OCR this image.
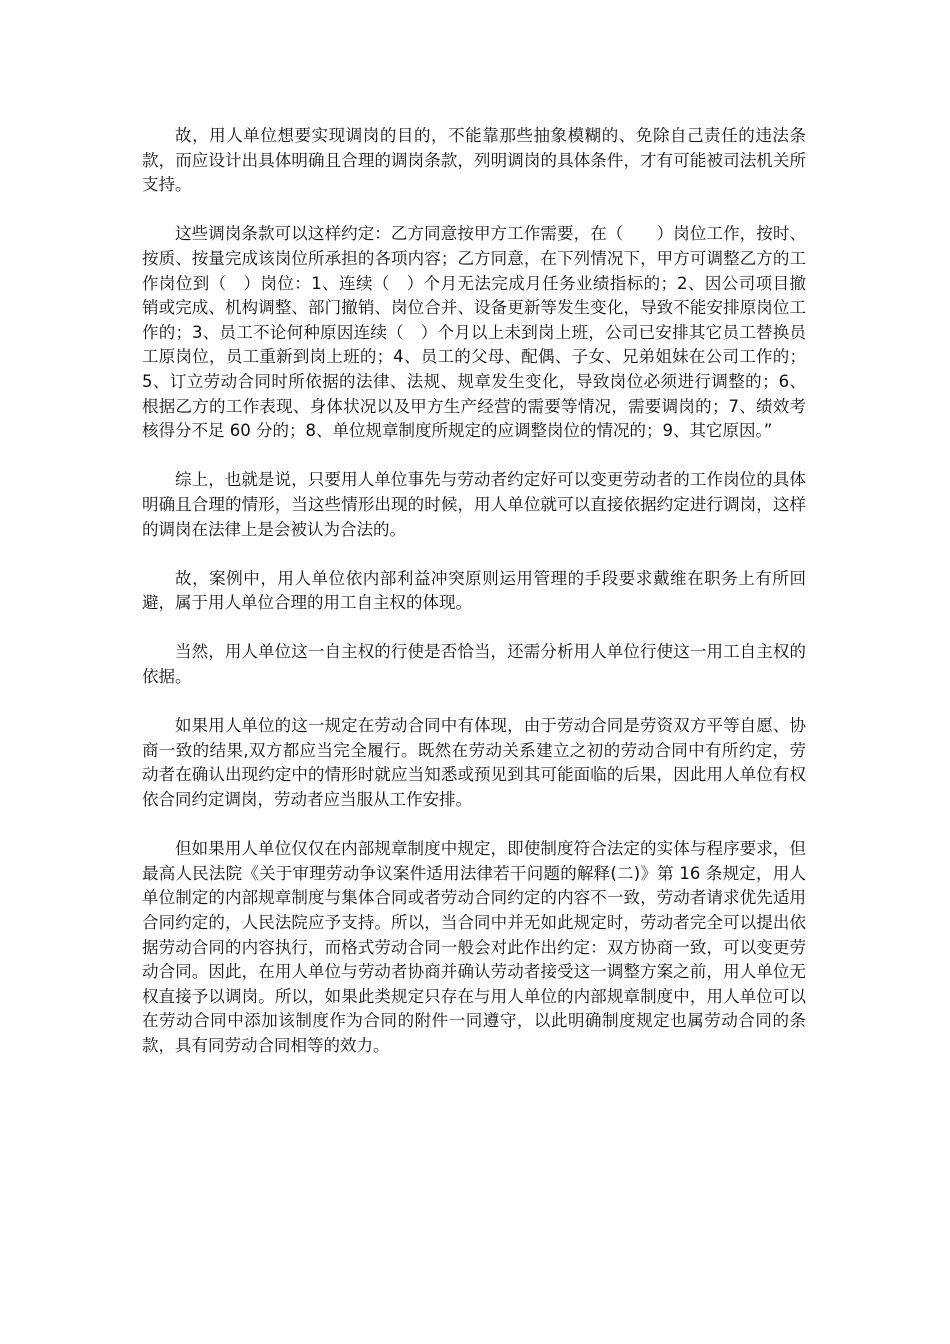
故，用人单位想要实现调岗的目的，不能靠那些抽象模糊的、免除自己责任的违法条款，而应设计出具体明确且合理的调岗条款，列明调岗的具体条件，才有可能被司法机关所支持。

这些调岗条款可以这样约定：乙方同意按甲方工作需要，在（　　）岗位工作，按时、按质、按量完成该岗位所承担的各项内容；乙方同意，在下列情况下，甲方可调整乙方的工作岗位到（　）岗位：1、连续（　）个月无法完成月任务业绩指标的；2、因公司项目撤销或完成、机构调整、部门撤销、岗位合并、设备更新等发生变化，导致不能安排原岗位工作的；3、员工不论何种原因连续（　）个月以上未到岗上班，公司已安排其它员工替换员工原岗位，员工重新到岗上班的；4、员工的父母、配偶、子女、兄弟姐妹在公司工作的；5、订立劳动合同时所依据的法律、法规、规章发生变化，导致岗位必须进行调整的；6、根据乙方的工作表现、身体状况以及甲方生产经营的需要等情况，需要调岗的；7、绩效考核得分不足 60 分的；8、单位规章制度所规定的应调整岗位的情况的；9、其它原因。”

综上，也就是说，只要用人单位事先与劳动者约定好可以变更劳动者的工作岗位的具体明确且合理的情形，当这些情形出现的时候，用人单位就可以直接依据约定进行调岗，这样的调岗在法律上是会被认为合法的。

故，案例中，用人单位依内部利益冲突原则运用管理的手段要求戴维在职务上有所回避，属于用人单位合理的用工自主权的体现。

当然，用人单位这一自主权的行使是否恰当，还需分析用人单位行使这一用工自主权的依据。

如果用人单位的这一规定在劳动合同中有体现，由于劳动合同是劳资双方平等自愿、协商一致的结果,双方都应当完全履行。既然在劳动关系建立之初的劳动合同中有所约定，劳动者在确认出现约定中的情形时就应当知悉或预见到其可能面临的后果，因此用人单位有权依合同约定调岗，劳动者应当服从工作安排。

但如果用人单位仅仅在内部规章制度中规定，即使制度符合法定的实体与程序要求，但最高人民法院《关于审理劳动争议案件适用法律若干问题的解释(二)》第 16 条规定，用人单位制定的内部规章制度与集体合同或者劳动合同约定的内容不一致，劳动者请求优先适用合同约定的，人民法院应予支持。所以，当合同中并无如此规定时，劳动者完全可以提出依据劳动合同的内容执行，而格式劳动合同一般会对此作出约定：双方协商一致，可以变更劳动合同。因此，在用人单位与劳动者协商并确认劳动者接受这一调整方案之前，用人单位无权直接予以调岗。所以，如果此类规定只存在与用人单位的内部规章制度中，用人单位可以在劳动合同中添加该制度作为合同的附件一同遵守，以此明确制度规定也属劳动合同的条款，具有同劳动合同相等的效力。
